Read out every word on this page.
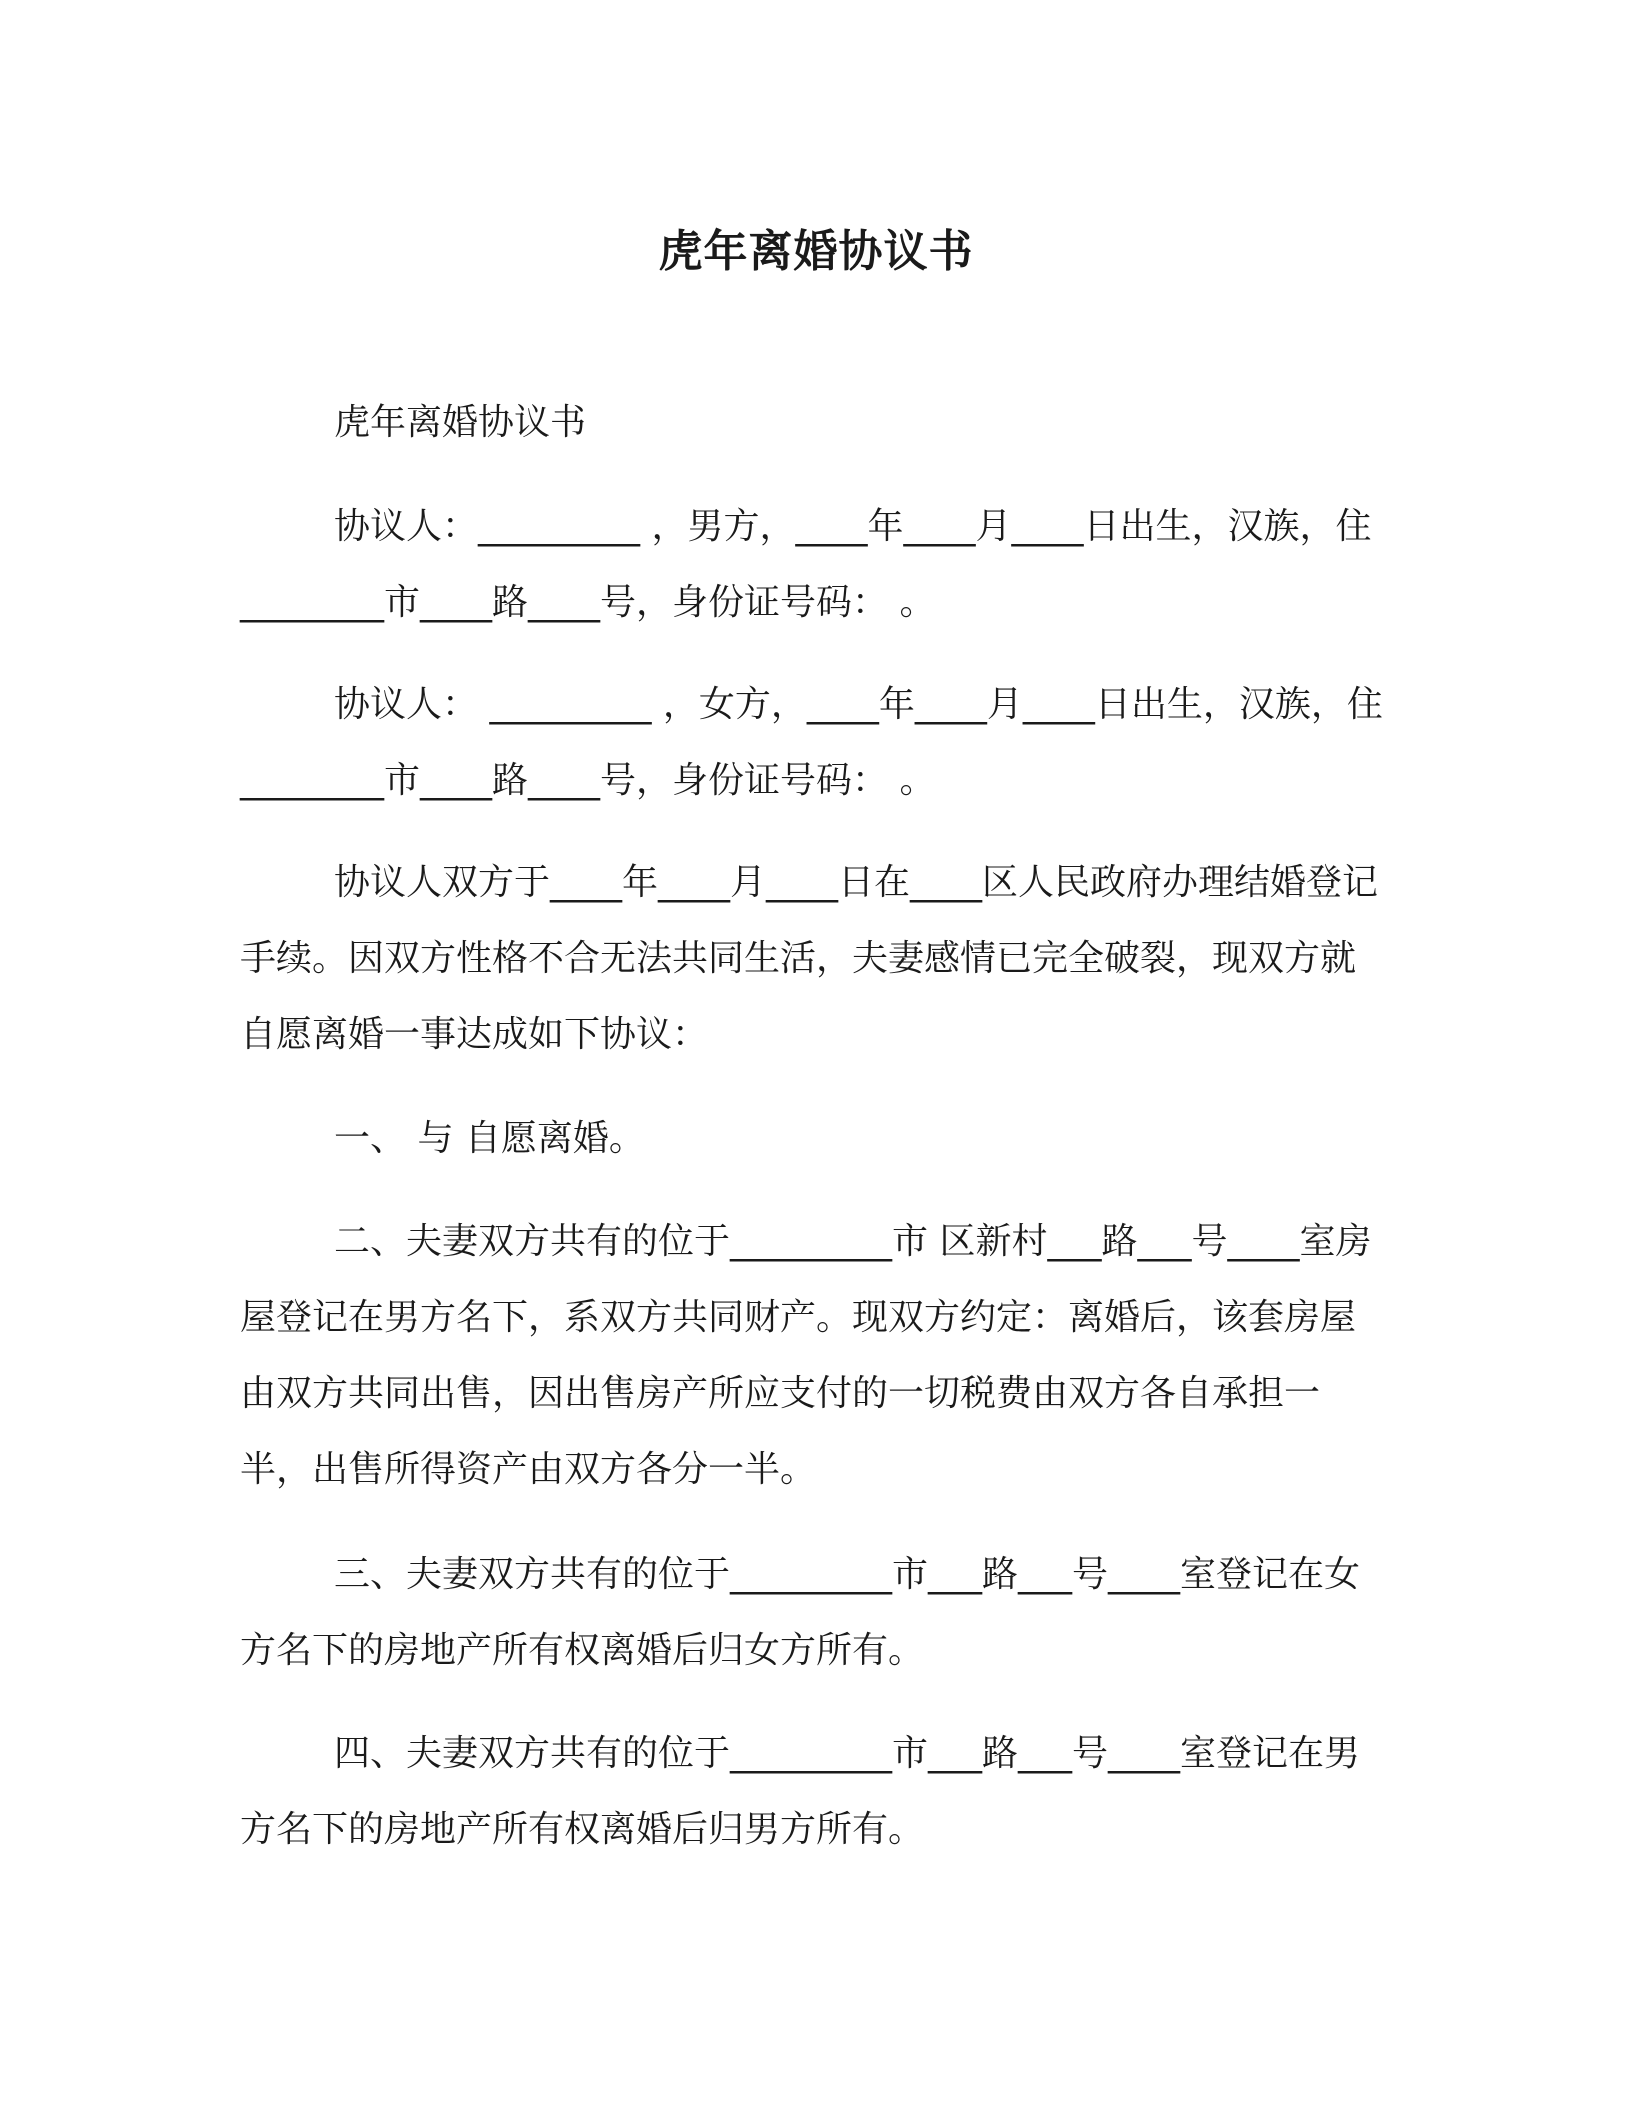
虎年离婚协议书

虎年离婚协议书

协议人：_________ ，男方，____年____月____日出生，汉族，住________市____路____号，身份证号码： 。

协议人： _________ ，女方，____年____月____日出生，汉族，住________市____路____号，身份证号码： 。

协议人双方于____年____月____日在____区人民政府办理结婚登记手续。因双方性格不合无法共同生活，夫妻感情已完全破裂，现双方就自愿离婚一事达成如下协议：

一、 与 自愿离婚。

二、夫妻双方共有的位于_________市 区新村___路___号____室房屋登记在男方名下，系双方共同财产。现双方约定：离婚后，该套房屋由双方共同出售，因出售房产所应支付的一切税费由双方各自承担一半，出售所得资产由双方各分一半。

三、夫妻双方共有的位于_________市___路___号____室登记在女方名下的房地产所有权离婚后归女方所有。

四、夫妻双方共有的位于_________市___路___号____室登记在男方名下的房地产所有权离婚后归男方所有。
